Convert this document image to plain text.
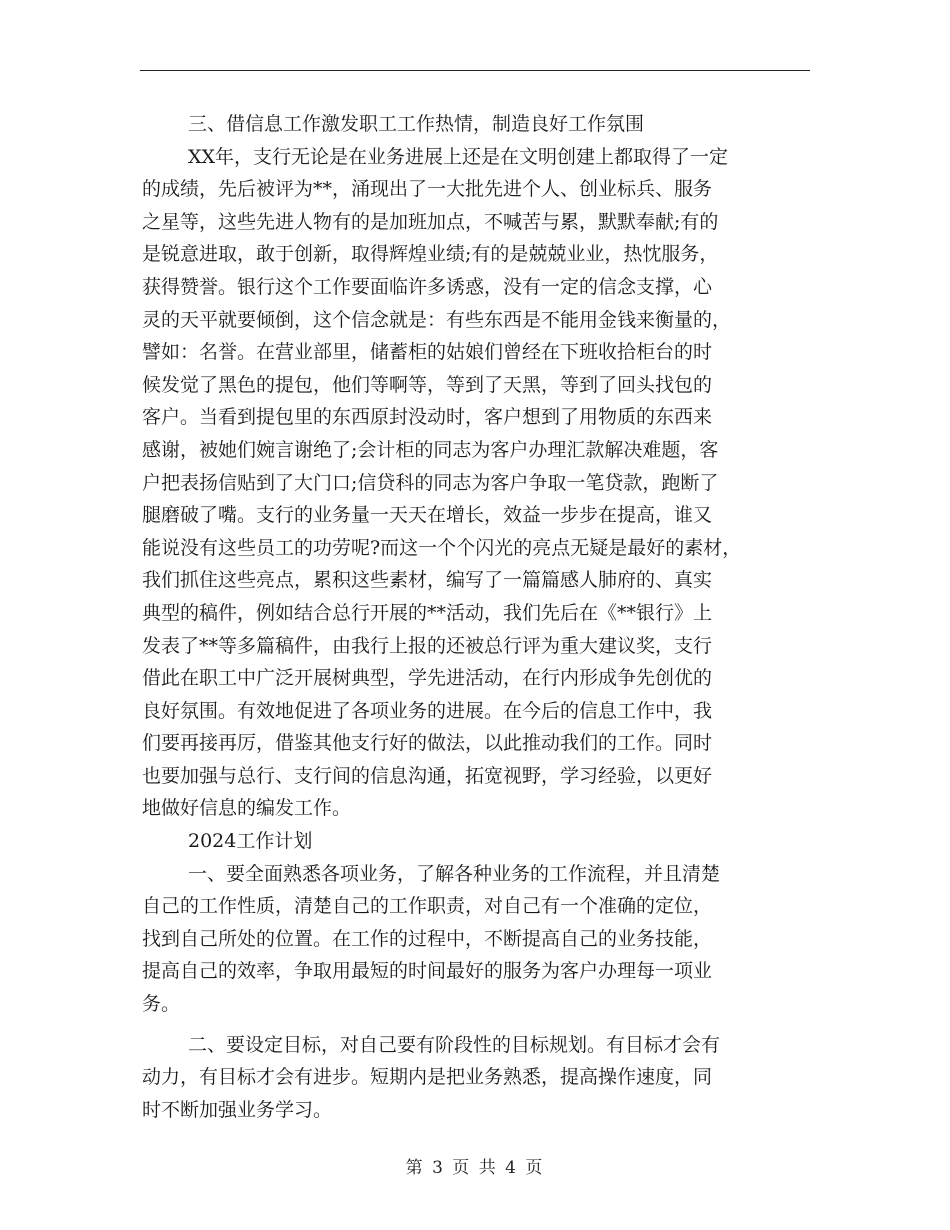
三、借信息工作激发职工工作热情，制造良好工作氛围
XX年，支行无论是在业务进展上还是在文明创建上都取得了一定
的成绩，先后被评为**，涌现出了一大批先进个人、创业标兵、服务
之星等，这些先进人物有的是加班加点，不喊苦与累，默默奉献;有的
是锐意进取，敢于创新，取得辉煌业绩;有的是兢兢业业，热忱服务，
获得赞誉。银行这个工作要面临许多诱惑，没有一定的信念支撑，心
灵的天平就要倾倒，这个信念就是：有些东西是不能用金钱来衡量的，
譬如：名誉。在营业部里，储蓄柜的姑娘们曾经在下班收拾柜台的时
候发觉了黑色的提包，他们等啊等，等到了天黑，等到了回头找包的
客户。当看到提包里的东西原封没动时，客户想到了用物质的东西来
感谢，被她们婉言谢绝了;会计柜的同志为客户办理汇款解决难题，客
户把表扬信贴到了大门口;信贷科的同志为客户争取一笔贷款，跑断了
腿磨破了嘴。支行的业务量一天天在增长，效益一步步在提高，谁又
能说没有这些员工的功劳呢?而这一个个闪光的亮点无疑是最好的素材，
我们抓住这些亮点，累积这些素材，编写了一篇篇感人肺府的、真实
典型的稿件，例如结合总行开展的**活动，我们先后在《**银行》上
发表了**等多篇稿件，由我行上报的还被总行评为重大建议奖，支行
借此在职工中广泛开展树典型，学先进活动，在行内形成争先创优的
良好氛围。有效地促进了各项业务的进展。在今后的信息工作中，我
们要再接再厉，借鉴其他支行好的做法，以此推动我们的工作。同时
也要加强与总行、支行间的信息沟通，拓宽视野，学习经验，以更好
地做好信息的编发工作。
2024工作计划
一、要全面熟悉各项业务，了解各种业务的工作流程，并且清楚
自己的工作性质，清楚自己的工作职责，对自己有一个准确的定位，
找到自己所处的位置。在工作的过程中，不断提高自己的业务技能，
提高自己的效率，争取用最短的时间最好的服务为客户办理每一项业
务。
二、要设定目标，对自己要有阶段性的目标规划。有目标才会有
动力，有目标才会有进步。短期内是把业务熟悉，提高操作速度，同
时不断加强业务学习。
第 3 页 共 4 页
